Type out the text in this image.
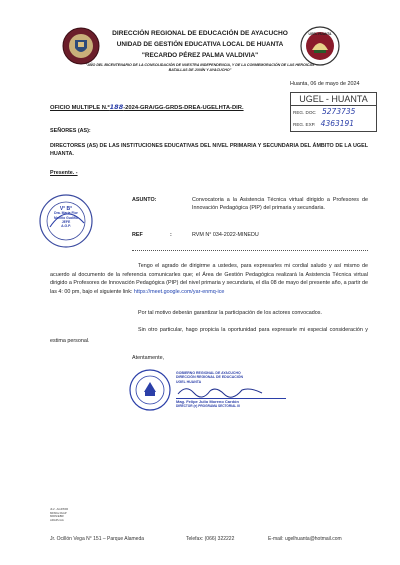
UGEL HUANTA
DIRECCIÓN REGIONAL DE EDUCACIÓN DE AYACUCHO
UNIDAD DE GESTIÓN EDUCATIVA LOCAL DE HUANTA
"RECARDO PÉREZ PALMA VALDIVIA"
"AÑO DEL BICENTENARIO DE LA CONSOLIDACIÓN DE NUESTRA INDEPENDENCIA, Y DE LA CONMEMORACIÓN DE LAS HEROICAS
BATALLAS DE JUNÍN Y AYACUCHO"
Huanta, 06 de mayo de 2024
OFICIO MULTIPLE N.º188-2024-GRA/GG-GRDS-DREA-UGELHTA-DIR.
UGEL - HUANTA
REG. DOC 5273735
REG. EXP. 4363191
SEÑORES (AS):
DIRECTORES (AS) DE LAS INSTITUCIONES EDUCATIVAS DEL NIVEL PRIMARIA Y SECUNDARIA DEL ÁMBITO DE LA UGEL HUANTA.
Presente. -
V° B°
Dra. María Flor
Mariño Gudiño
JEFE
A.G.P.
ASUNTO:	Convocatoria a la Asistencia Técnica virtual dirigido a Profesores de Innovación Pedagógica (PIP) del primaria y secundaria.
REF	:	RVM N° 034-2022-MINEDU
Tengo el agrado de dirigirme a ustedes, para expresarles mi cordial saludo y así mismo de acuerdo al documento de la referencia comunicarles que; el Área de Gestión Pedagógica realizará la Asistencia Técnica virtual dirigido a Profesores de Innovación Pedagógica (PIP) del nivel primaria y secundaria, el día 08 de mayo del presente año, a partir de las 4: 00 pm, bajo el siguiente link: https://meet.google.com/yar-enmq-ice
Por tal motivo deberán garantizar la participación de los actores convocados.
Sin otro particular, hago propicia la oportunidad para expresarle mi especial consideración y estima personal.
Atentamente,
GOBIERNO REGIONAL DE AYACUCHO
DIRECCIÓN REGIONAL DE EDUCACIÓN
UGEL HUANTA
Mag. Felipe Julio Moreno Cardón
DIRECTOR (e) PROGRAMA SECTORIAL III
JLV...AGP/DIR
MFMG/JAGP
MIDN/EBR
ARAPL/AA
Jr. Ocillón Vega N° 151 – Parque Alameda	Telefax: (066) 322222	E-mail: ugelhuanta@hotmail.com
